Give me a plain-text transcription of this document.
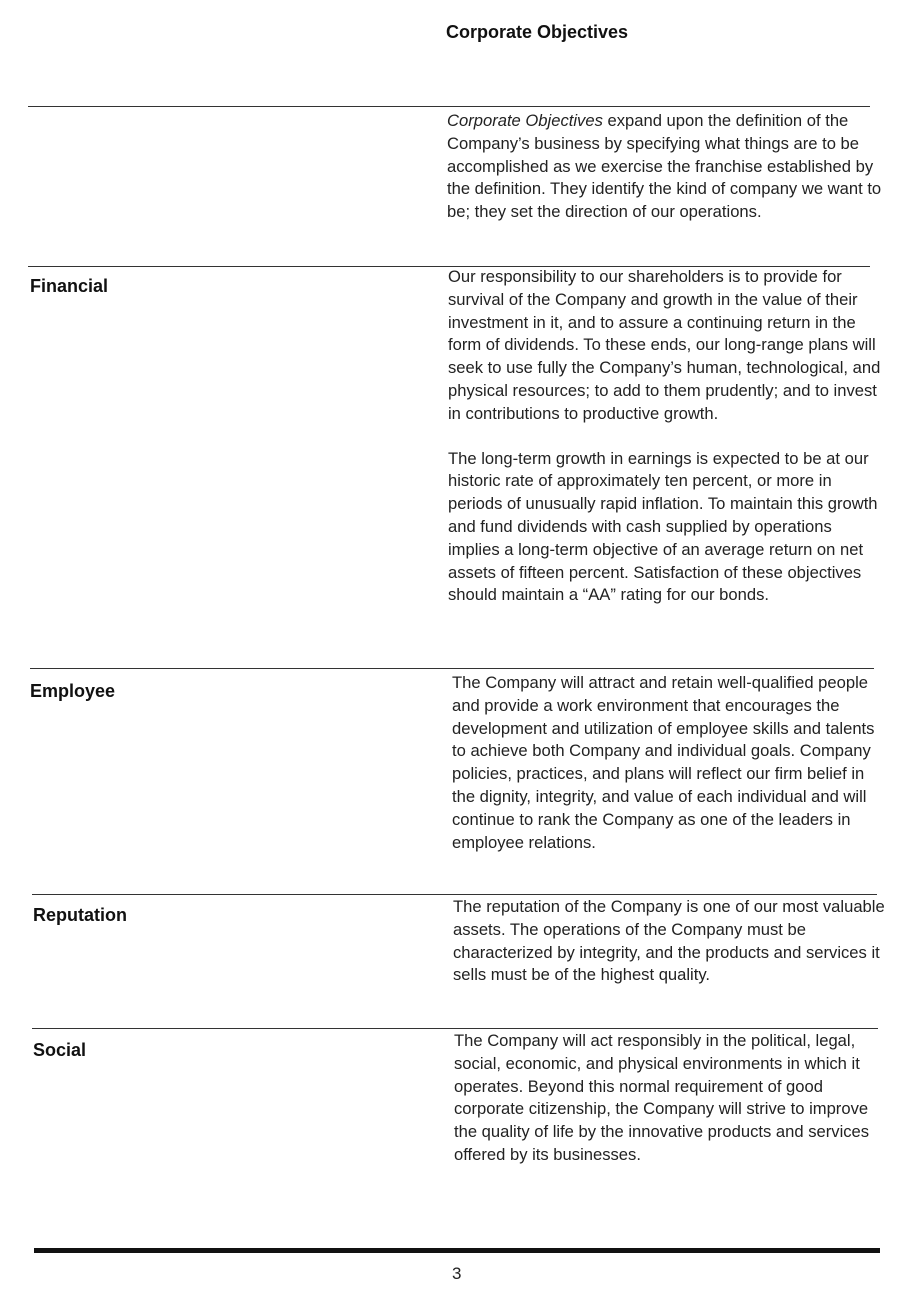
Corporate Objectives

Corporate Objectives expand upon the definition of the Company’s business by specifying what things are to be accomplished as we exercise the franchise established by the definition. They identify the kind of company we want to be; they set the direction of our operations.

Financial	Our responsibility to our shareholders is to provide for survival of the Company and growth in the value of their investment in it, and to assure a continuing return in the form of dividends. To these ends, our long-range plans will seek to use fully the Company’s human, technological, and physical resources; to add to them prudently; and to invest in contributions to productive growth.

The long-term growth in earnings is expected to be at our historic rate of approximately ten percent, or more in periods of unusually rapid inflation. To maintain this growth and fund dividends with cash supplied by operations implies a long-term objective of an average return on net assets of fifteen percent. Satisfaction of these objectives should maintain a “AA” rating for our bonds.

Employee	The Company will attract and retain well-qualified people and provide a work environment that encourages the development and utilization of employee skills and talents to achieve both Company and individual goals. Company policies, practices, and plans will reflect our firm belief in the dignity, integrity, and value of each individual and will continue to rank the Company as one of the leaders in employee relations.

Reputation	The reputation of the Company is one of our most valuable assets. The operations of the Company must be characterized by integrity, and the products and services it sells must be of the highest quality.

Social	The Company will act responsibly in the political, legal, social, economic, and physical environments in which it operates. Beyond this normal requirement of good corporate citizenship, the Company will strive to improve the quality of life by the innovative products and services offered by its businesses.

3
